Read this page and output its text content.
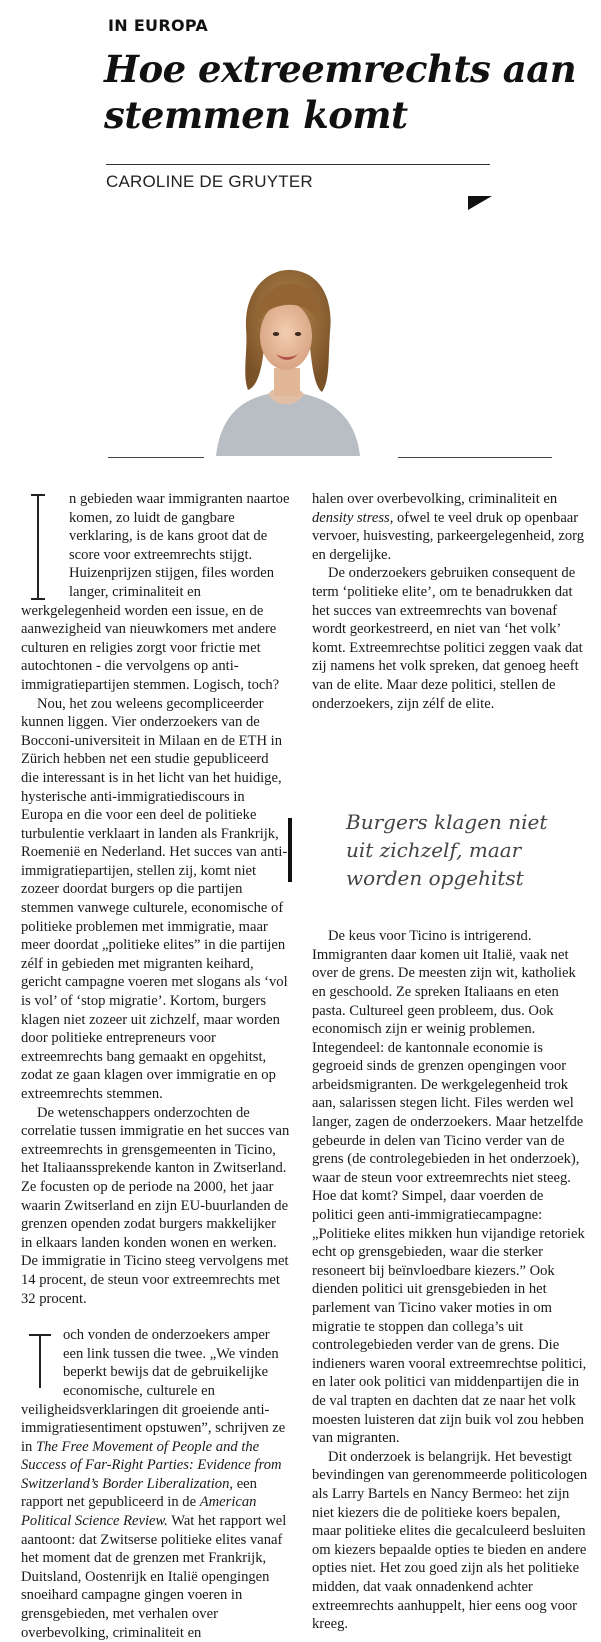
IN EUROPA
Hoe extreemrechts aan stemmen komt
CAROLINE DE GRUYTER

n gebieden waar immigranten naartoe komen, zo luidt de gangbare verklaring, is de kans groot dat de score voor extreemrechts stijgt. Huizenprijzen stijgen, files worden langer, criminaliteit en werkgelegenheid worden een issue, en de aanwezigheid van nieuwkomers met andere culturen en religies zorgt voor frictie met autochtonen - die vervolgens op anti-immigratiepartijen stemmen. Logisch, toch?

Nou, het zou weleens gecompliceerder kunnen liggen. Vier onderzoekers van de Bocconi-universiteit in Milaan en de ETH in Zürich hebben net een studie gepubliceerd die interessant is in het licht van het huidige, hysterische anti-immigratiediscours in Europa en die voor een deel de politieke turbulentie verklaart in landen als Frankrijk, Roemenië en Nederland. Het succes van anti-immigratiepartijen, stellen zij, komt niet zozeer doordat burgers op die partijen stemmen vanwege culturele, economische of politieke problemen met immigratie, maar meer doordat „politieke elites” in die partijen zélf in gebieden met migranten keihard, gericht campagne voeren met slogans als ‘vol is vol’ of ‘stop migratie’. Kortom, burgers klagen niet zozeer uit zichzelf, maar worden door politieke entrepreneurs voor extreemrechts bang gemaakt en opgehitst, zodat ze gaan klagen over immigratie en op extreemrechts stemmen.

De wetenschappers onderzochten de correlatie tussen immigratie en het succes van extreemrechts in grensgemeenten in Ticino, het Italiaanssprekende kanton in Zwitserland. Ze focusten op de periode na 2000, het jaar waarin Zwitserland en zijn EU-buurlanden de grenzen openden zodat burgers makkelijker in elkaars landen konden wonen en werken. De immigratie in Ticino steeg vervolgens met 14 procent, de steun voor extreemrechts met 32 procent.

och vonden de onderzoekers amper een link tussen die twee. „We vinden beperkt bewijs dat de gebruikelijke economische, culturele en veiligheidsverklaringen dit groeiende anti-immigratiesentiment opstuwen”, schrijven ze in The Free Movement of People and the Success of Far-Right Parties: Evidence from Switzerland’s Border Liberalization, een rapport net gepubliceerd in de American Political Science Review. Wat het rapport wel aantoont: dat Zwitserse politieke elites vanaf het moment dat de grenzen met Frankrijk, Duitsland, Oostenrijk en Italië opengingen snoeihard campagne gingen voeren in grensgebieden, met verhalen over overbevolking, criminaliteit en

halen over overbevolking, criminaliteit en density stress, ofwel te veel druk op openbaar vervoer, huisvesting, parkeergelegenheid, zorg en dergelijke.

De onderzoekers gebruiken consequent de term ‘politieke elite’, om te benadrukken dat het succes van extreemrechts van bovenaf wordt georkestreerd, en niet van ‘het volk’ komt. Extreemrechtse politici zeggen vaak dat zij namens het volk spreken, dat genoeg heeft van de elite. Maar deze politici, stellen de onderzoekers, zijn zélf de elite.

De keus voor Ticino is intrigerend. Immigranten daar komen uit Italië, vaak net over de grens. De meesten zijn wit, katholiek en geschoold. Ze spreken Italiaans en eten pasta. Cultureel geen probleem, dus. Ook economisch zijn er weinig problemen. Integendeel: de kantonnale economie is gegroeid sinds de grenzen opengingen voor arbeidsmigranten. De werkgelegenheid trok aan, salarissen stegen licht. Files werden wel langer, zagen de onderzoekers. Maar hetzelfde gebeurde in delen van Ticino verder van de grens (de controlegebieden in het onderzoek), waar de steun voor extreemrechts niet steeg. Hoe dat komt? Simpel, daar voerden de politici geen anti-immigratiecampagne: „Politieke elites mikken hun vijandige retoriek echt op grensgebieden, waar die sterker resoneert bij beïnvloedbare kiezers.” Ook dienden politici uit grensgebieden in het parlement van Ticino vaker moties in om migratie te stoppen dan collega’s uit controlegebieden verder van de grens. Die indieners waren vooral extreemrechtse politici, en later ook politici van middenpartijen die in de val trapten en dachten dat ze naar het volk moesten luisteren dat zijn buik vol zou hebben van migranten.

Dit onderzoek is belangrijk. Het bevestigt bevindingen van gerenommeerde politicologen als Larry Bartels en Nancy Bermeo: het zijn niet kiezers die de politieke koers bepalen, maar politieke elites die gecalculeerd besluiten om kiezers bepaalde opties te bieden en andere opties niet. Het zou goed zijn als het politieke midden, dat vaak onnadenkend achter extreemrechts aanhuppelt, hier eens oog voor kreeg.

Burgers klagen niet uit zichzelf, maar worden opgehitst
